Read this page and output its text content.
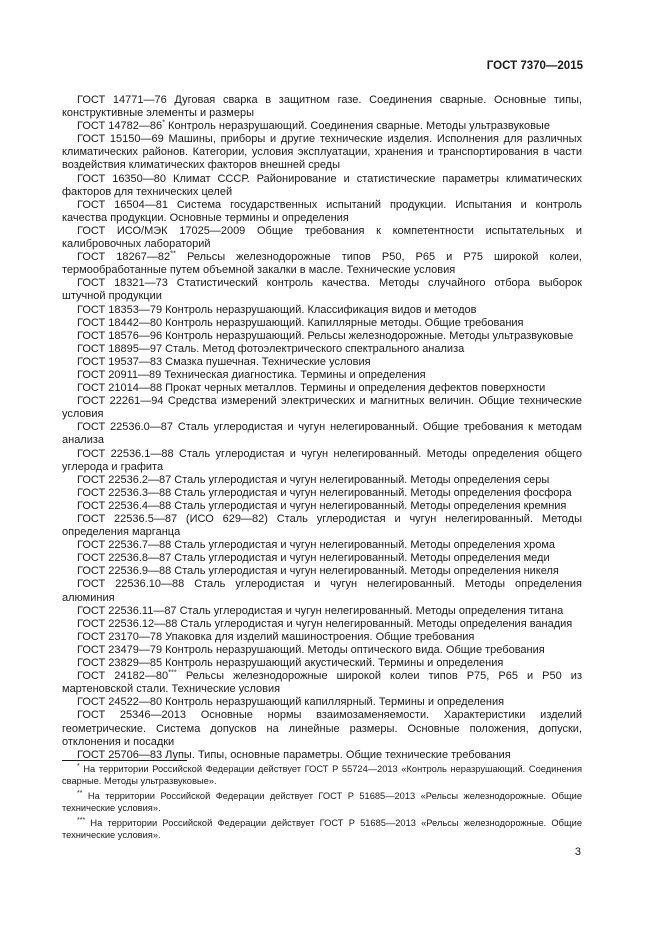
ГОСТ 7370—2015

ГОСТ 14771—76 Дуговая сварка в защитном газе. Соединения сварные. Основные типы, конструктивные элементы и размеры

ГОСТ 14782—86* Контроль неразрушающий. Соединения сварные. Методы ультразвуковые

ГОСТ 15150—69 Машины, приборы и другие технические изделия. Исполнения для различных климатических районов. Категории, условия эксплуатации, хранения и транспортирования в части воздействия климатических факторов внешней среды

ГОСТ 16350—80 Климат СССР. Районирование и статистические параметры климатических факторов для технических целей

ГОСТ 16504—81 Система государственных испытаний продукции. Испытания и контроль качества продукции. Основные термины и определения

ГОСТ ИСО/МЭК 17025—2009 Общие требования к компетентности испытательных и калибровочных лабораторий

ГОСТ 18267—82** Рельсы железнодорожные типов Р50, Р65 и Р75 широкой колеи, термообработанные путем объемной закалки в масле. Технические условия

ГОСТ 18321—73 Статистический контроль качества. Методы случайного отбора выборок штучной продукции

ГОСТ 18353—79 Контроль неразрушающий. Классификация видов и методов

ГОСТ 18442—80 Контроль неразрушающий. Капиллярные методы. Общие требования

ГОСТ 18576—96 Контроль неразрушающий. Рельсы железнодорожные. Методы ультразвуковые

ГОСТ 18895—97 Сталь. Метод фотоэлектрического спектрального анализа

ГОСТ 19537—83 Смазка пушечная. Технические условия

ГОСТ 20911—89 Техническая диагностика. Термины и определения

ГОСТ 21014—88 Прокат черных металлов. Термины и определения дефектов поверхности

ГОСТ 22261—94 Средства измерений электрических и магнитных величин. Общие технические условия

ГОСТ 22536.0—87 Сталь углеродистая и чугун нелегированный. Общие требования к методам анализа

ГОСТ 22536.1—88 Сталь углеродистая и чугун нелегированный. Методы определения общего углерода и графита

ГОСТ 22536.2—87 Сталь углеродистая и чугун нелегированный. Методы определения серы

ГОСТ 22536.3—88 Сталь углеродистая и чугун нелегированный. Методы определения фосфора

ГОСТ 22536.4—88 Сталь углеродистая и чугун нелегированный. Методы определения кремния

ГОСТ 22536.5—87 (ИСО 629—82) Сталь углеродистая и чугун нелегированный. Методы определения марганца

ГОСТ 22536.7—88 Сталь углеродистая и чугун нелегированный. Методы определения хрома

ГОСТ 22536.8—87 Сталь углеродистая и чугун нелегированный. Методы определения меди

ГОСТ 22536.9—88 Сталь углеродистая и чугун нелегированный. Методы определения никеля

ГОСТ 22536.10—88 Сталь углеродистая и чугун нелегированный. Методы определения алюминия

ГОСТ 22536.11—87 Сталь углеродистая и чугун нелегированный. Методы определения титана

ГОСТ 22536.12—88 Сталь углеродистая и чугун нелегированный. Методы определения ванадия

ГОСТ 23170—78 Упаковка для изделий машиностроения. Общие требования

ГОСТ 23479—79 Контроль неразрушающий. Методы оптического вида. Общие требования

ГОСТ 23829—85 Контроль неразрушающий акустический. Термины и определения

ГОСТ 24182—80*** Рельсы железнодорожные широкой колеи типов Р75, Р65 и Р50 из мартеновской стали. Технические условия

ГОСТ 24522—80 Контроль неразрушающий капиллярный. Термины и определения

ГОСТ 25346—2013 Основные нормы взаимозаменяемости. Характеристики изделий геометрические. Система допусков на линейные размеры. Основные положения, допуски, отклонения и посадки

ГОСТ 25706—83 Лупы. Типы, основные параметры. Общие технические требования

* На территории Российской Федерации действует ГОСТ Р 55724—2013 «Контроль неразрушающий. Соединения сварные. Методы ультразвуковые».

** На территории Российской Федерации действует ГОСТ Р 51685—2013 «Рельсы железнодорожные. Общие технические условия».

*** На территории Российской Федерации действует ГОСТ Р 51685—2013 «Рельсы железнодорожные. Общие технические условия».

3
